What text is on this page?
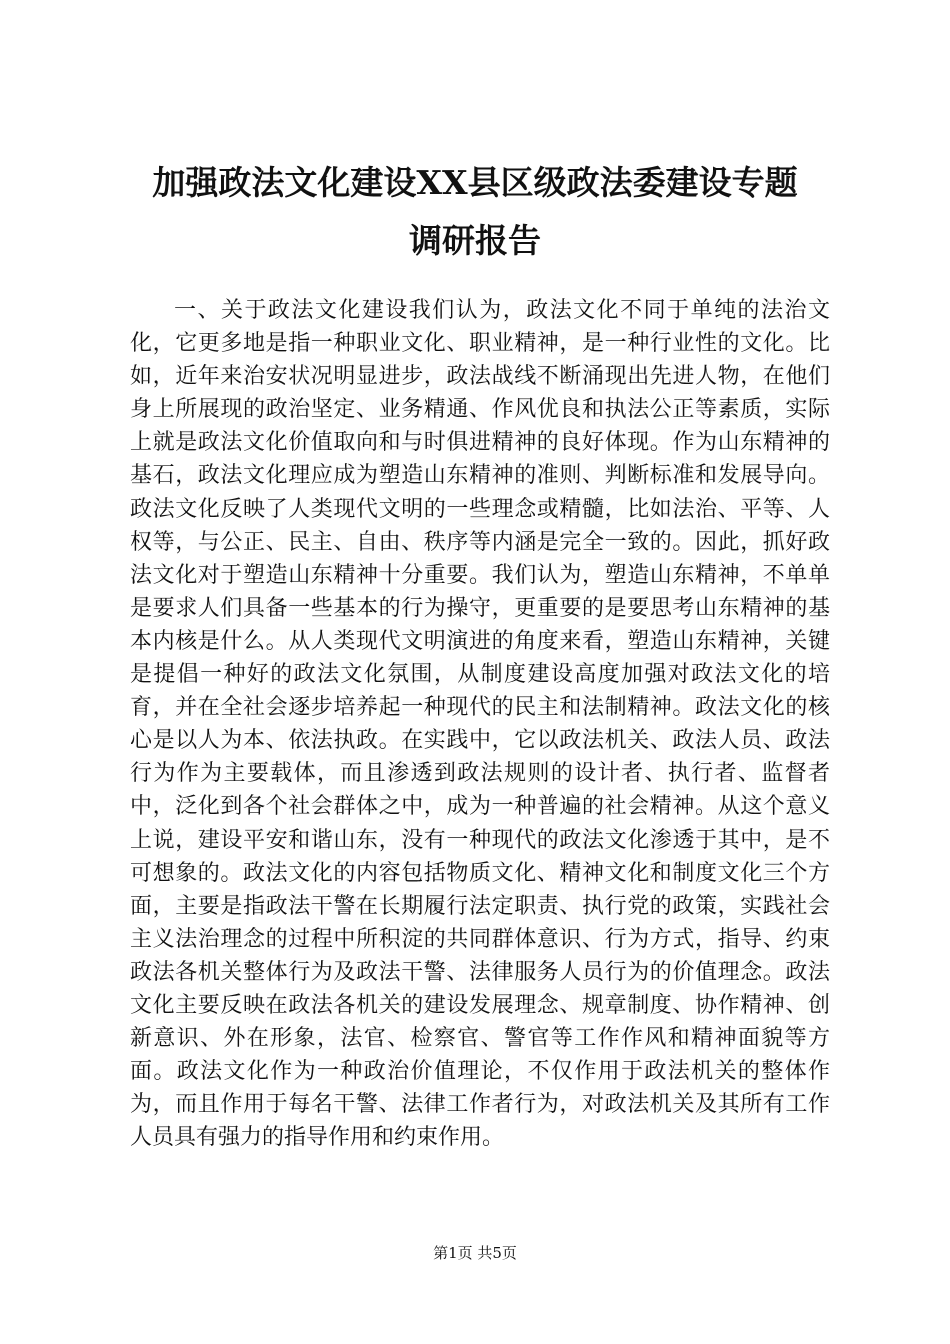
加强政法文化建设XX县区级政法委建设专题
调研报告

一、关于政法文化建设我们认为，政法文化不同于单纯的法治文化，它更多地是指一种职业文化、职业精神，是一种行业性的文化。比如，近年来治安状况明显进步，政法战线不断涌现出先进人物，在他们身上所展现的政治坚定、业务精通、作风优良和执法公正等素质，实际上就是政法文化价值取向和与时俱进精神的良好体现。作为山东精神的基石，政法文化理应成为塑造山东精神的准则、判断标准和发展导向。政法文化反映了人类现代文明的一些理念或精髓，比如法治、平等、人权等，与公正、民主、自由、秩序等内涵是完全一致的。因此，抓好政法文化对于塑造山东精神十分重要。我们认为，塑造山东精神，不单单是要求人们具备一些基本的行为操守，更重要的是要思考山东精神的基本内核是什么。从人类现代文明演进的角度来看，塑造山东精神，关键是提倡一种好的政法文化氛围，从制度建设高度加强对政法文化的培育，并在全社会逐步培养起一种现代的民主和法制精神。政法文化的核心是以人为本、依法执政。在实践中，它以政法机关、政法人员、政法行为作为主要载体，而且渗透到政法规则的设计者、执行者、监督者中，泛化到各个社会群体之中，成为一种普遍的社会精神。从这个意义上说，建设平安和谐山东，没有一种现代的政法文化渗透于其中，是不可想象的。政法文化的内容包括物质文化、精神文化和制度文化三个方面，主要是指政法干警在长期履行法定职责、执行党的政策，实践社会主义法治理念的过程中所积淀的共同群体意识、行为方式，指导、约束政法各机关整体行为及政法干警、法律服务人员行为的价值理念。政法文化主要反映在政法各机关的建设发展理念、规章制度、协作精神、创新意识、外在形象，法官、检察官、警官等工作作风和精神面貌等方面。政法文化作为一种政治价值理论，不仅作用于政法机关的整体作为，而且作用于每名干警、法律工作者行为，对政法机关及其所有工作人员具有强力的指导作用和约束作用。

第1页 共5页
